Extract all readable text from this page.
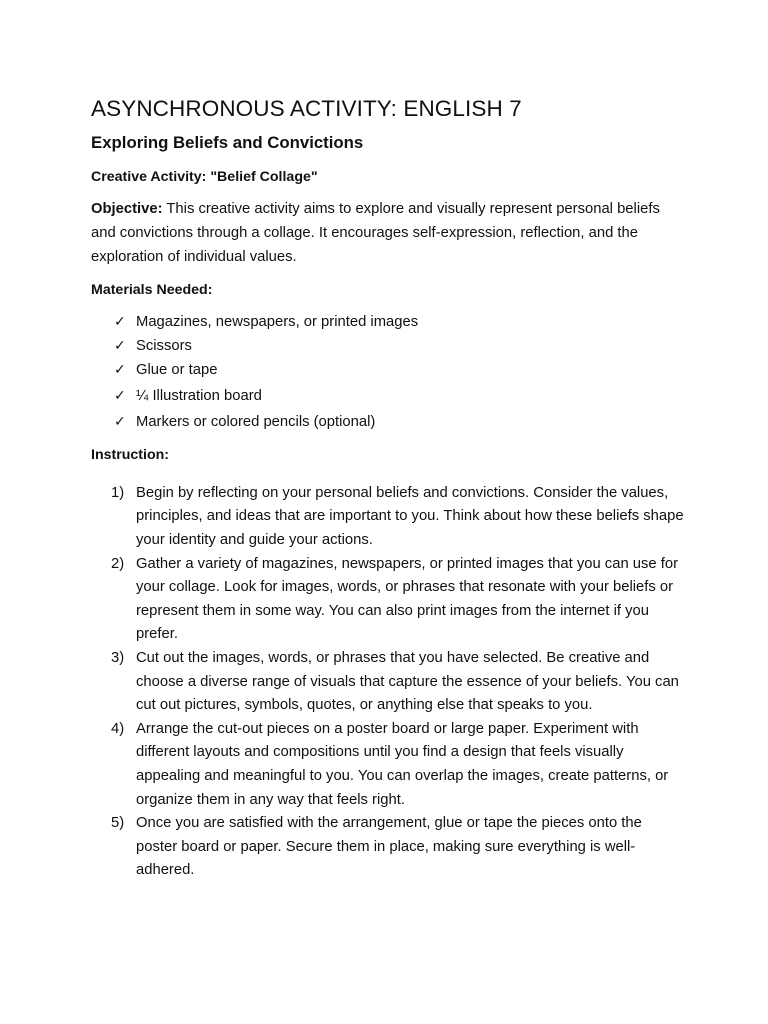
ASYNCHRONOUS ACTIVITY: ENGLISH 7
Exploring Beliefs and Convictions

Creative Activity: "Belief Collage"

Objective: This creative activity aims to explore and visually represent personal beliefs and convictions through a collage. It encourages self-expression, reflection, and the exploration of individual values.

Materials Needed:

✓ Magazines, newspapers, or printed images
✓ Scissors
✓ Glue or tape
✓ ¼ Illustration board
✓ Markers or colored pencils (optional)

Instruction:

1) Begin by reflecting on your personal beliefs and convictions. Consider the values, principles, and ideas that are important to you. Think about how these beliefs shape your identity and guide your actions.
2) Gather a variety of magazines, newspapers, or printed images that you can use for your collage. Look for images, words, or phrases that resonate with your beliefs or represent them in some way. You can also print images from the internet if you prefer.
3) Cut out the images, words, or phrases that you have selected. Be creative and choose a diverse range of visuals that capture the essence of your beliefs. You can cut out pictures, symbols, quotes, or anything else that speaks to you.
4) Arrange the cut-out pieces on a poster board or large paper. Experiment with different layouts and compositions until you find a design that feels visually appealing and meaningful to you. You can overlap the images, create patterns, or organize them in any way that feels right.
5) Once you are satisfied with the arrangement, glue or tape the pieces onto the poster board or paper. Secure them in place, making sure everything is well-adhered.
